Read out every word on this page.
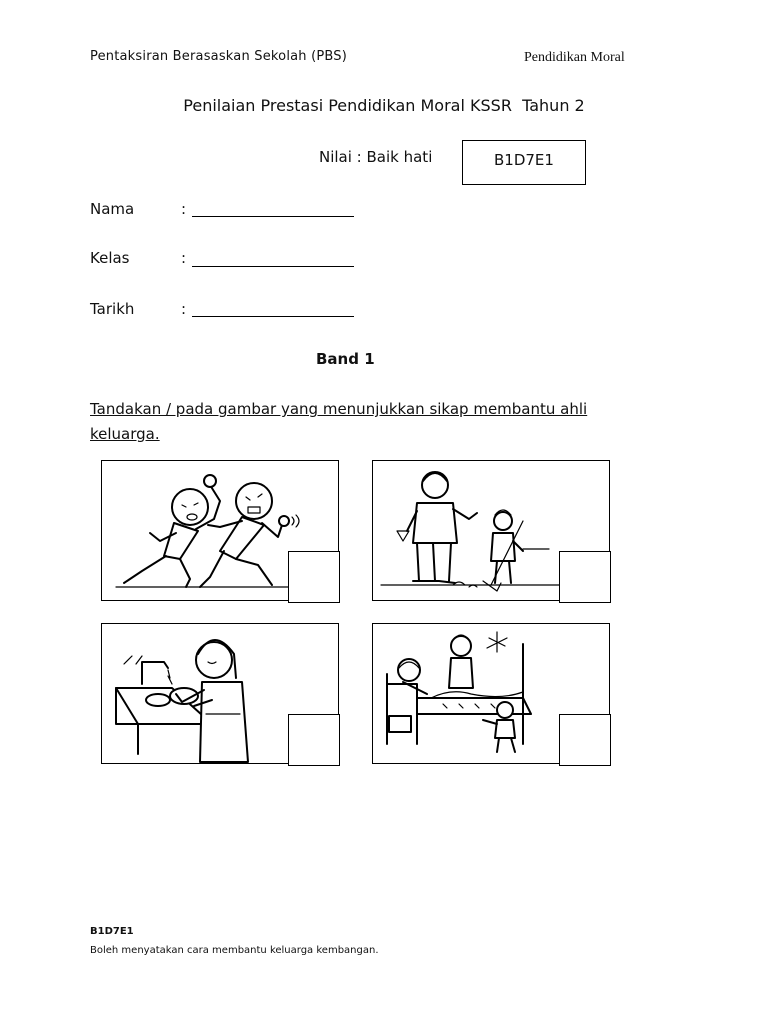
Pentaksiran Berasaskan Sekolah (PBS)	Pendidikan Moral
Penilaian Prestasi Pendidikan Moral KSSR  Tahun 2
Nilai : Baik hati	B1D7E1
Nama	:
Kelas	:
Tarikh	:
Band 1
Tandakan / pada gambar yang menunjukkan sikap membantu ahli keluarga.
B1D7E1
Boleh menyatakan cara membantu keluarga kembangan.
